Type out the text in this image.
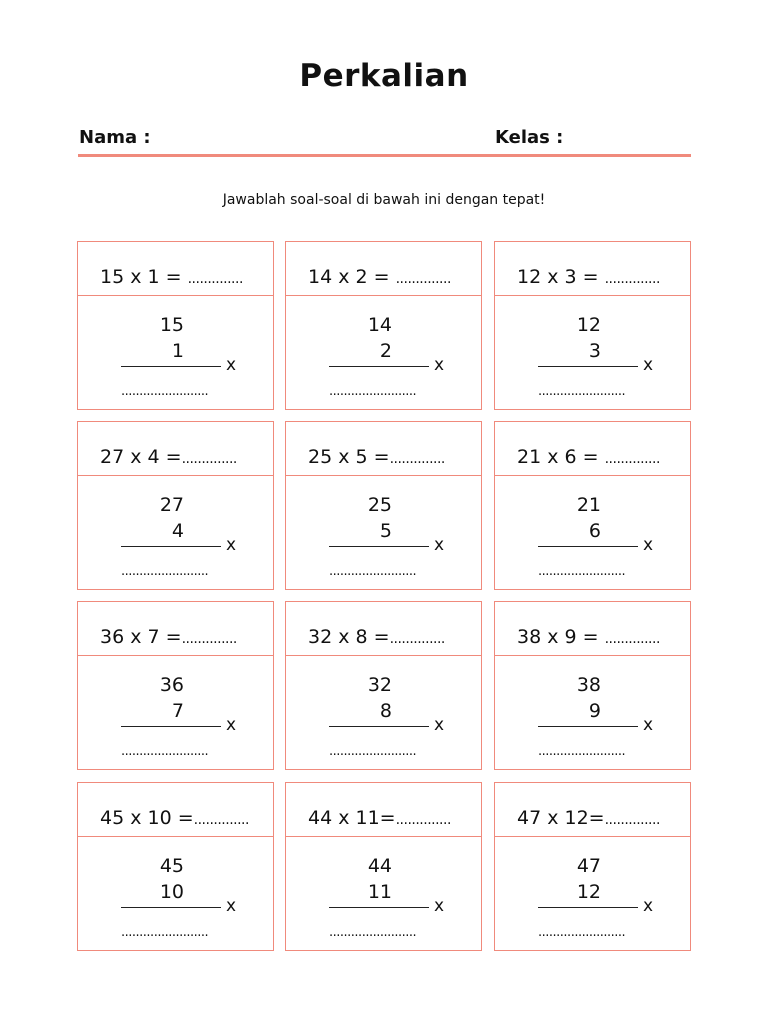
Perkalian
Nama :	Kelas :
Jawablah soal-soal di bawah ini dengan tepat!
15 x 1 = ..............
15
1
x
........................
14 x 2 = ..............
14
2
x
........................
12 x 3 = ..............
12
3
x
........................
27 x 4 =..............
27
4
x
........................
25 x 5 =..............
25
5
x
........................
21 x 6 = ..............
21
6
x
........................
36 x 7 =..............
36
7
x
........................
32 x 8 =..............
32
8
x
........................
38 x 9 = ..............
38
9
x
........................
45 x 10 =..............
45
10
x
........................
44 x 11=..............
44
11
x
........................
47 x 12=..............
47
12
x
........................
